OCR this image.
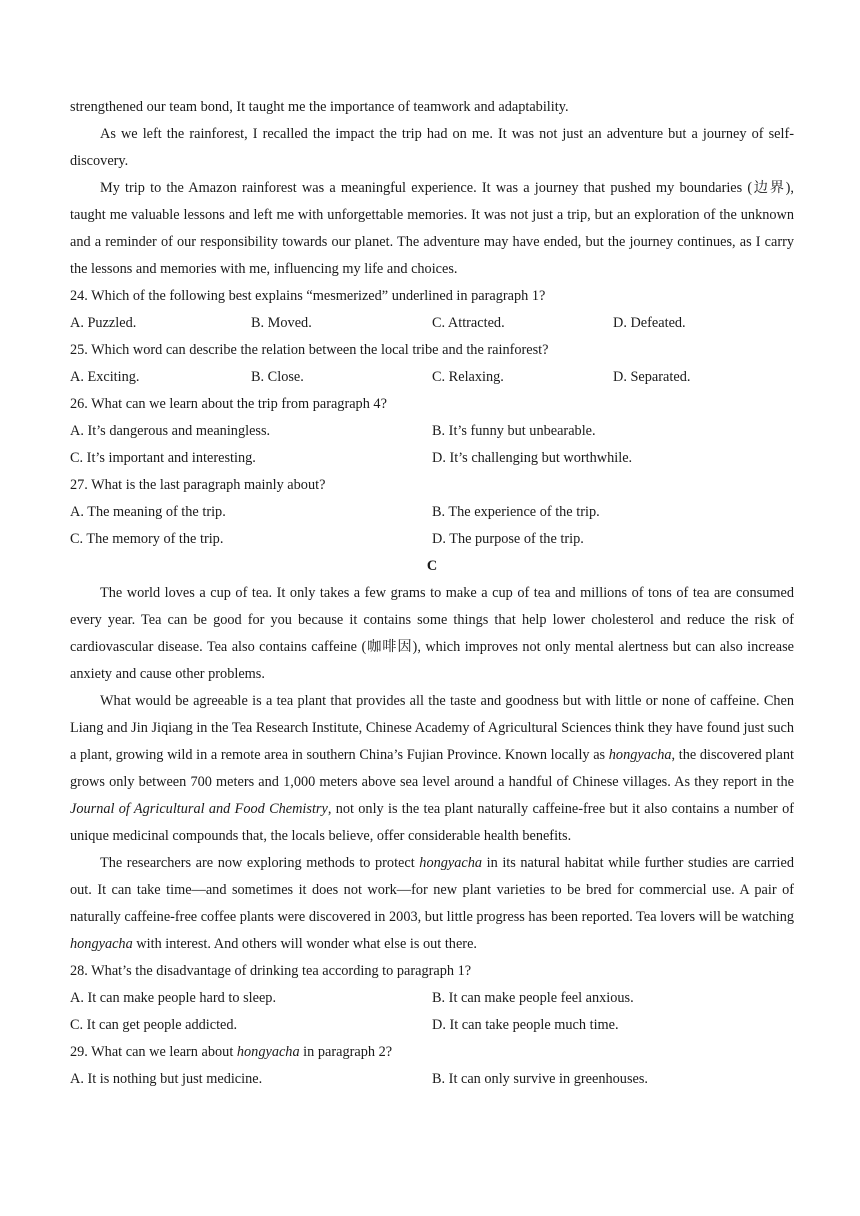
strengthened our team bond, It taught me the importance of teamwork and adaptability.

As we left the rainforest, I recalled the impact the trip had on me. It was not just an adventure but a journey of self-discovery.

My trip to the Amazon rainforest was a meaningful experience. It was a journey that pushed my boundaries (边界), taught me valuable lessons and left me with unforgettable memories. It was not just a trip, but an exploration of the unknown and a reminder of our responsibility towards our planet. The adventure may have ended, but the journey continues, as I carry the lessons and memories with me, influencing my life and choices.

24. Which of the following best explains “mesmerized” underlined in paragraph 1?

A. Puzzled.	B. Moved.	C. Attracted.	D. Defeated.

25. Which word can describe the relation between the local tribe and the rainforest?

A. Exciting.	B. Close.	C. Relaxing.	D. Separated.

26. What can we learn about the trip from paragraph 4?

A. It’s dangerous and meaningless.	B. It’s funny but unbearable.
C. It’s important and interesting.	D. It’s challenging but worthwhile.

27. What is the last paragraph mainly about?

A. The meaning of the trip.	B. The experience of the trip.
C. The memory of the trip.	D. The purpose of the trip.

C

The world loves a cup of tea. It only takes a few grams to make a cup of tea and millions of tons of tea are consumed every year. Tea can be good for you because it contains some things that help lower cholesterol and reduce the risk of cardiovascular disease. Tea also contains caffeine (咖啡因), which improves not only mental alertness but can also increase anxiety and cause other problems.

What would be agreeable is a tea plant that provides all the taste and goodness but with little or none of caffeine. Chen Liang and Jin Jiqiang in the Tea Research Institute, Chinese Academy of Agricultural Sciences think they have found just such a plant, growing wild in a remote area in southern China’s Fujian Province. Known locally as hongyacha, the discovered plant grows only between 700 meters and 1,000 meters above sea level around a handful of Chinese villages. As they report in the Journal of Agricultural and Food Chemistry, not only is the tea plant naturally caffeine-free but it also contains a number of unique medicinal compounds that, the locals believe, offer considerable health benefits.

The researchers are now exploring methods to protect hongyacha in its natural habitat while further studies are carried out. It can take time—and sometimes it does not work—for new plant varieties to be bred for commercial use. A pair of naturally caffeine-free coffee plants were discovered in 2003, but little progress has been reported. Tea lovers will be watching hongyacha with interest. And others will wonder what else is out there.

28. What’s the disadvantage of drinking tea according to paragraph 1?

A. It can make people hard to sleep.	B. It can make people feel anxious.
C. It can get people addicted.	D. It can take people much time.

29. What can we learn about hongyacha in paragraph 2?

A. It is nothing but just medicine.	B. It can only survive in greenhouses.
